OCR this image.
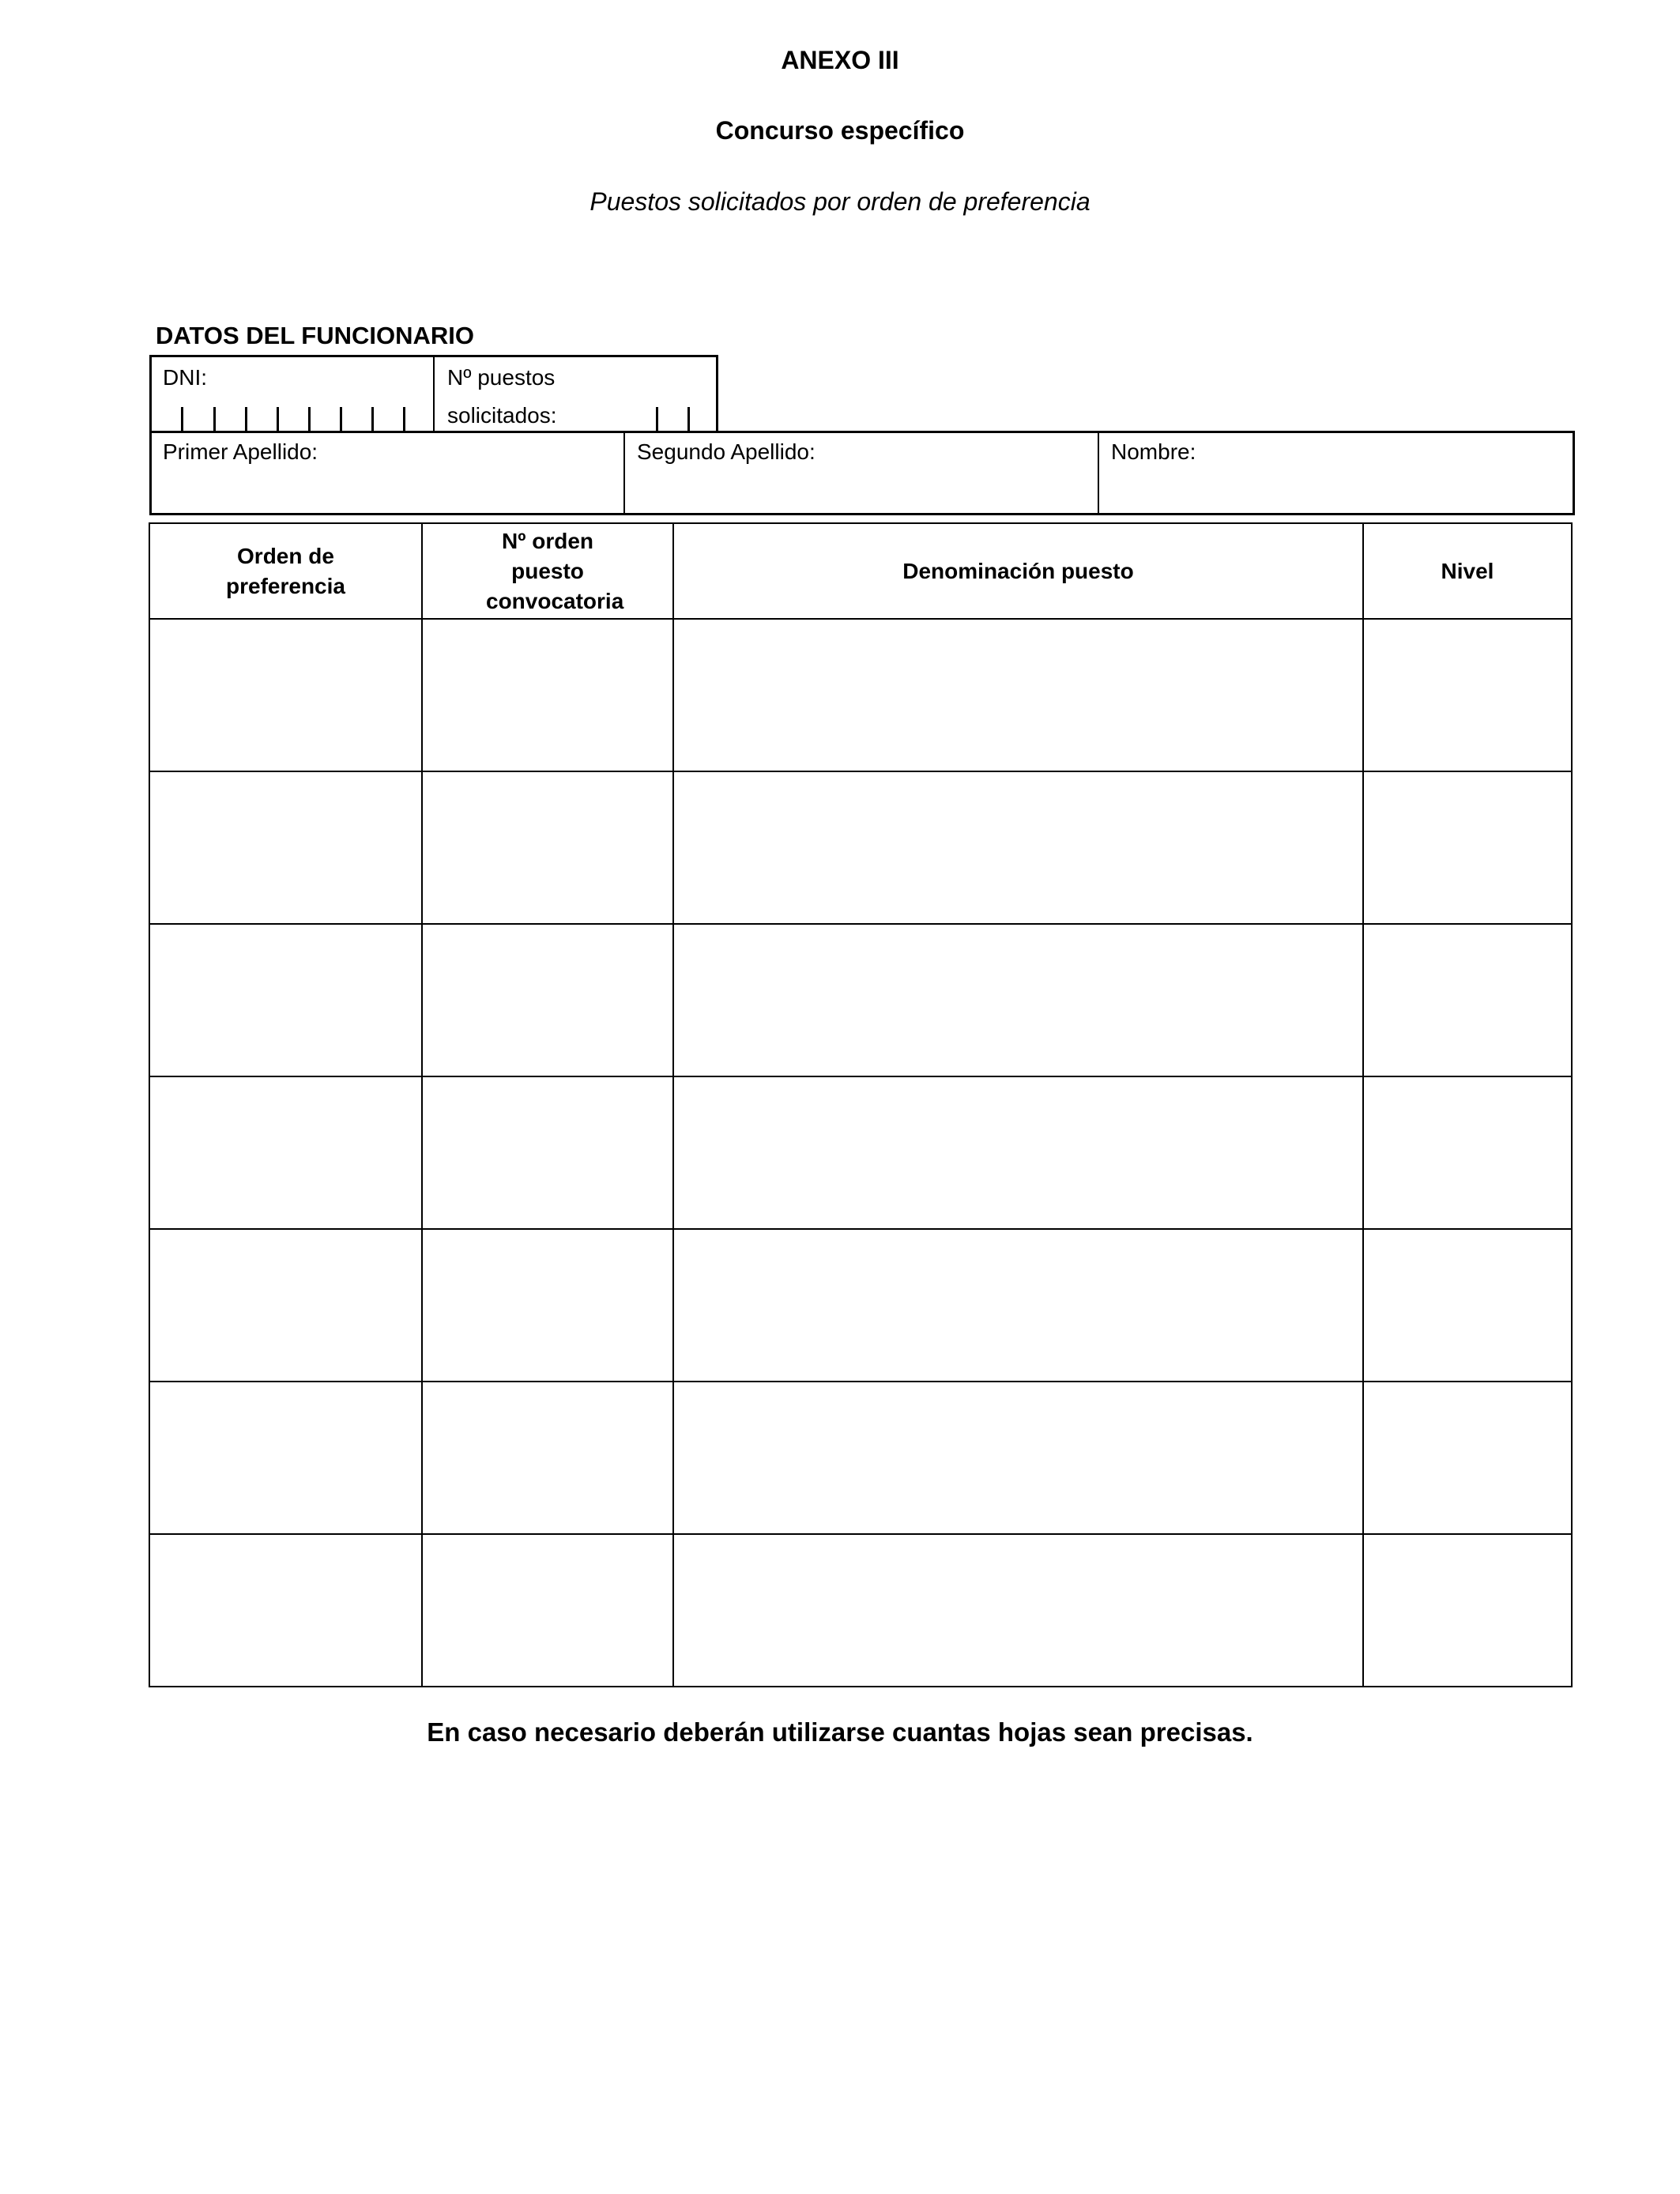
ANEXO III
Concurso específico
Puestos solicitados por orden de preferencia
DATOS DEL FUNCIONARIO
DNI:	Nº puestos
solicitados:
Primer Apellido:	Segundo Apellido:	Nombre:
Orden de preferencia	Nº orden puesto convocatoria	Denominación puesto	Nivel

En caso necesario deberán utilizarse cuantas hojas sean precisas.
